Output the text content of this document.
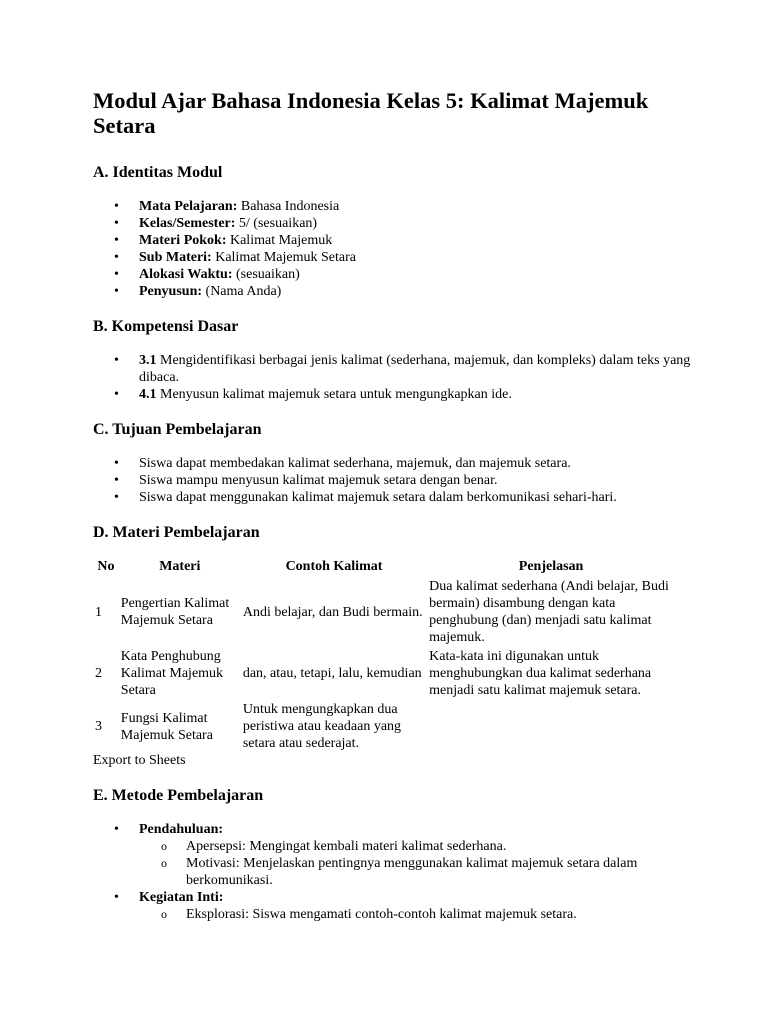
Modul Ajar Bahasa Indonesia Kelas 5: Kalimat Majemuk Setara
A. Identitas Modul
• Mata Pelajaran: Bahasa Indonesia
• Kelas/Semester: 5/ (sesuaikan)
• Materi Pokok: Kalimat Majemuk
• Sub Materi: Kalimat Majemuk Setara
• Alokasi Waktu: (sesuaikan)
• Penyusun: (Nama Anda)
B. Kompetensi Dasar
• 3.1 Mengidentifikasi berbagai jenis kalimat (sederhana, majemuk, dan kompleks) dalam teks yang dibaca.
• 4.1 Menyusun kalimat majemuk setara untuk mengungkapkan ide.
C. Tujuan Pembelajaran
• Siswa dapat membedakan kalimat sederhana, majemuk, dan majemuk setara.
• Siswa mampu menyusun kalimat majemuk setara dengan benar.
• Siswa dapat menggunakan kalimat majemuk setara dalam berkomunikasi sehari-hari.
D. Materi Pembelajaran
No	Materi	Contoh Kalimat	Penjelasan
1	Pengertian Kalimat Majemuk Setara	Andi belajar, dan Budi bermain.	Dua kalimat sederhana (Andi belajar, Budi bermain) disambung dengan kata penghubung (dan) menjadi satu kalimat majemuk.
2	Kata Penghubung Kalimat Majemuk Setara	dan, atau, tetapi, lalu, kemudian	Kata-kata ini digunakan untuk menghubungkan dua kalimat sederhana menjadi satu kalimat majemuk setara.
3	Fungsi Kalimat Majemuk Setara	Untuk mengungkapkan dua peristiwa atau keadaan yang setara atau sederajat.	
Export to Sheets
E. Metode Pembelajaran
• Pendahuluan:
o Apersepsi: Mengingat kembali materi kalimat sederhana.
o Motivasi: Menjelaskan pentingnya menggunakan kalimat majemuk setara dalam berkomunikasi.
• Kegiatan Inti:
o Eksplorasi: Siswa mengamati contoh-contoh kalimat majemuk setara.
